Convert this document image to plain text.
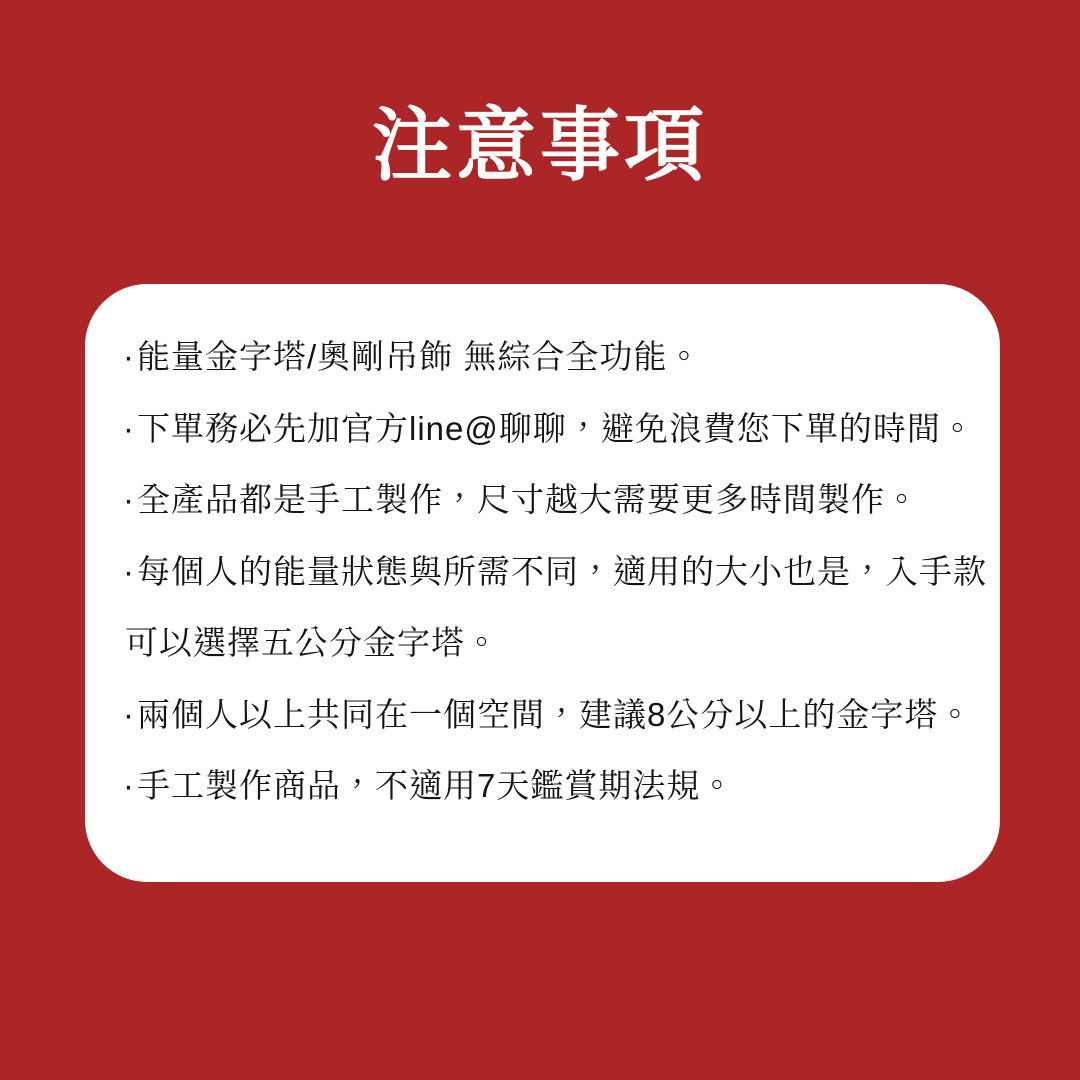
注意事項

·能量金字塔/奧剛吊飾 無綜合全功能。

·下單務必先加官方line@聊聊，避免浪費您下單的時間。

·全產品都是手工製作，尺寸越大需要更多時間製作。

·每個人的能量狀態與所需不同，適用的大小也是，入手款

可以選擇五公分金字塔。

·兩個人以上共同在一個空間，建議8公分以上的金字塔。

·手工製作商品，不適用7天鑑賞期法規。
